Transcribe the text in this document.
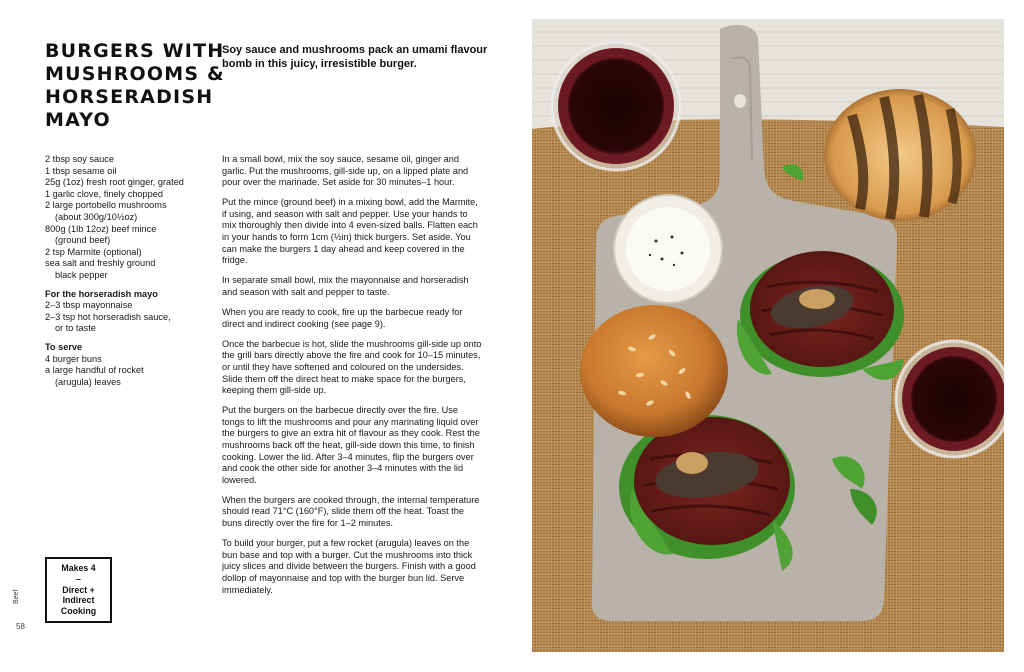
BURGERS WITH
MUSHROOMS &
HORSERADISH
MAYO
Soy sauce and mushrooms pack an umami flavour bomb in this juicy, irresistible burger.
2 tbsp soy sauce
1 tbsp sesame oil
25g (1oz) fresh root ginger, grated
1 garlic clove, finely chopped
2 large portobello mushrooms
(about 300g/10½oz)
800g (1lb 12oz) beef mince
(ground beef)
2 tsp Marmite (optional)
sea salt and freshly ground
black pepper
For the horseradish mayo
2–3 tbsp mayonnaise
2–3 tsp hot horseradish sauce,
or to taste
To serve
4 burger buns
a large handful of rocket
(arugula) leaves

In a small bowl, mix the soy sauce, sesame oil, ginger and garlic. Put the mushrooms, gill-side up, on a lipped plate and pour over the marinade. Set aside for 30 minutes–1 hour.

Put the mince (ground beef) in a mixing bowl, add the Marmite, if using, and season with salt and pepper. Use your hands to mix thoroughly then divide into 4 even-sized balls. Flatten each in your hands to form 1cm (½in) thick burgers. Set aside. You can make the burgers 1 day ahead and keep covered in the fridge.

In separate small bowl, mix the mayonnaise and horseradish and season with salt and pepper to taste.

When you are ready to cook, fire up the barbecue ready for direct and indirect cooking (see page 9).

Once the barbecue is hot, slide the mushrooms gill-side up onto the grill bars directly above the fire and cook for 10–15 minutes, or until they have softened and coloured on the undersides. Slide them off the direct heat to make space for the burgers, keeping them gill-side up.

Put the burgers on the barbecue directly over the fire. Use tongs to lift the mushrooms and pour any marinating liquid over the burgers to give an extra hit of flavour as they cook. Rest the mushrooms back off the heat, gill-side down this time, to finish cooking. Lower the lid. After 3–4 minutes, flip the burgers over and cook the other side for another 3–4 minutes with the lid lowered.

When the burgers are cooked through, the internal temperature should read 71°C (160°F), slide them off the heat. Toast the buns directly over the fire for 1–2 minutes.

To build your burger, put a few rocket (arugula) leaves on the bun base and top with a burger. Cut the mushrooms into thick juicy slices and divide between the burgers. Finish with a good dollop of mayonnaise and top with the burger bun lid. Serve immediately.

Makes 4
–
Direct +
Indirect
Cooking
Beef
58
